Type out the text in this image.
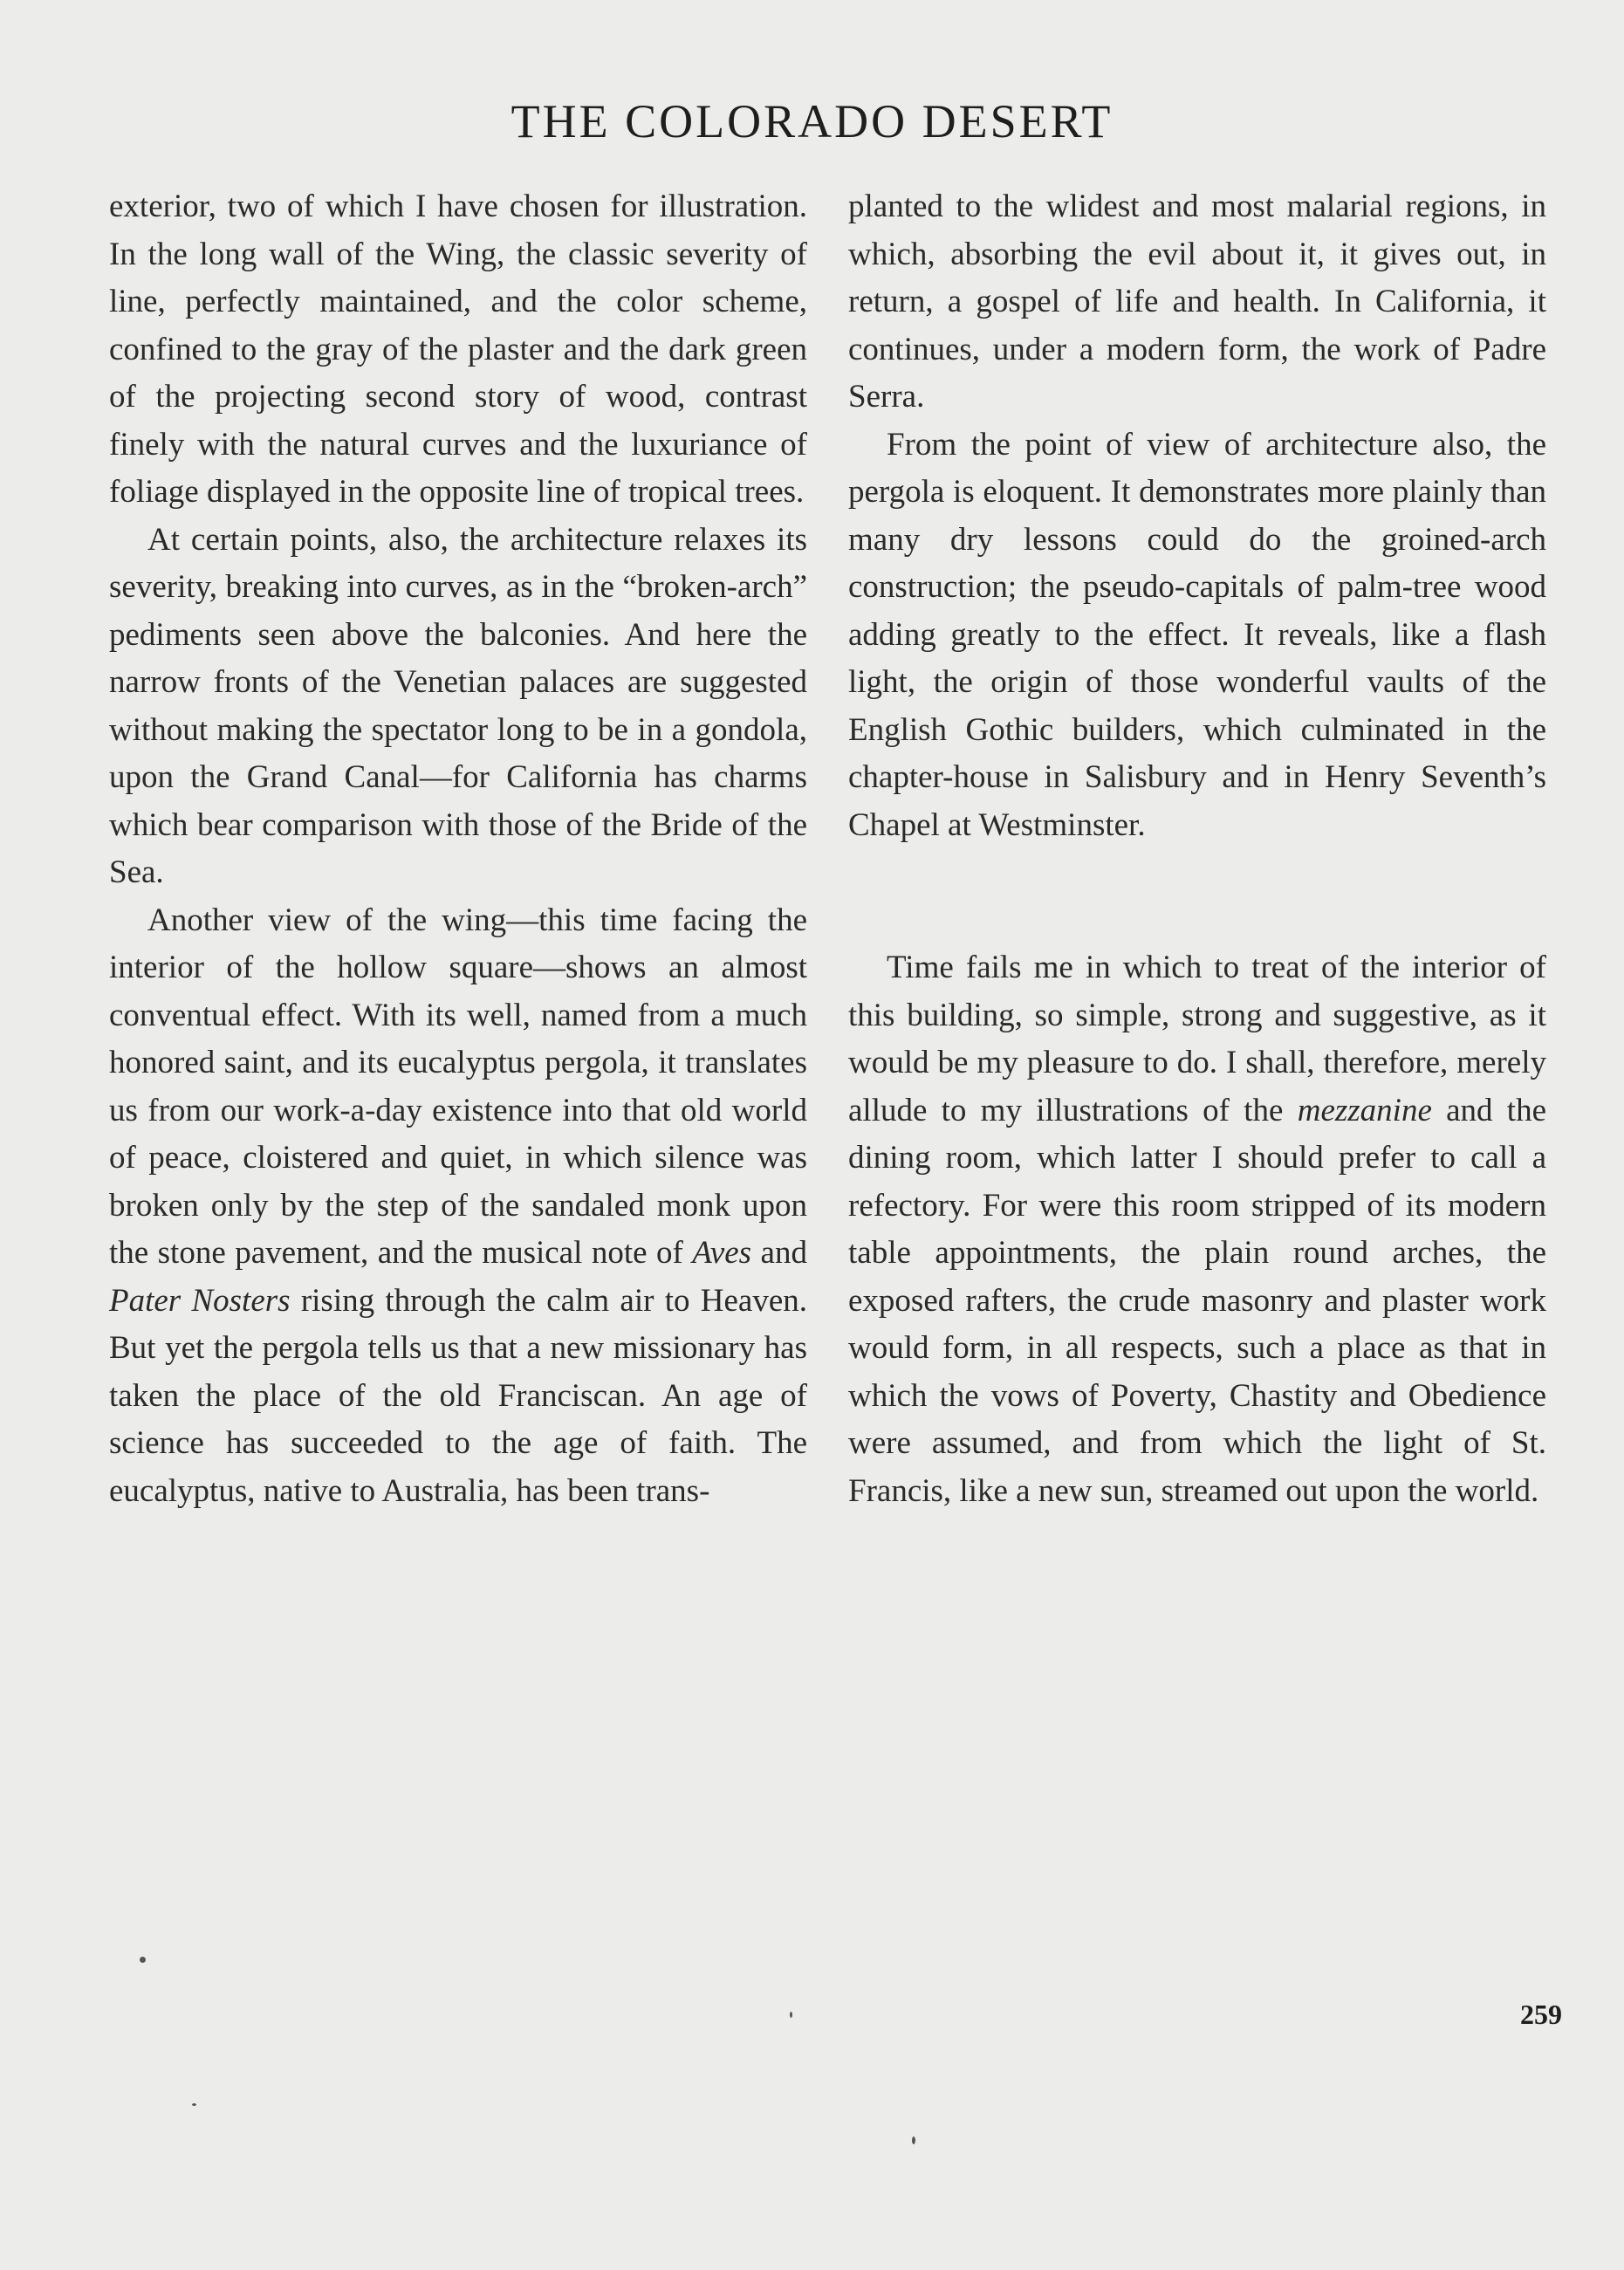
THE COLORADO DESERT

exterior, two of which I have chosen for illustration. In the long wall of the Wing, the classic severity of line, perfectly maintained, and the color scheme, confined to the gray of the plaster and the dark green of the projecting second story of wood, contrast finely with the natural curves and the luxuriance of foliage displayed in the opposite line of tropical trees.

At certain points, also, the architecture relaxes its severity, breaking into curves, as in the “broken-arch” pediments seen above the balconies. And here the narrow fronts of the Venetian palaces are suggested without making the spectator long to be in a gondola, upon the Grand Canal—for California has charms which bear comparison with those of the Bride of the Sea.

Another view of the wing—this time facing the interior of the hollow square—shows an almost conventual effect. With its well, named from a much honored saint, and its eucalyptus pergola, it translates us from our work-a-day existence into that old world of peace, cloistered and quiet, in which silence was broken only by the step of the sandaled monk upon the stone pavement, and the musical note of Aves and Pater Nosters rising through the calm air to Heaven. But yet the pergola tells us that a new missionary has taken the place of the old Franciscan. An age of science has succeeded to the age of faith. The eucalyptus, native to Australia, has been trans-

planted to the wlidest and most malarial regions, in which, absorbing the evil about it, it gives out, in return, a gospel of life and health. In California, it continues, under a modern form, the work of Padre Serra.

From the point of view of architecture also, the pergola is eloquent. It demonstrates more plainly than many dry lessons could do the groined-arch construction; the pseudo-capitals of palm-tree wood adding greatly to the effect. It reveals, like a flash light, the origin of those wonderful vaults of the English Gothic builders, which culminated in the chapter-house in Salisbury and in Henry Seventh’s Chapel at Westminster.

Time fails me in which to treat of the interior of this building, so simple, strong and suggestive, as it would be my pleasure to do. I shall, therefore, merely allude to my illustrations of the mezzanine and the dining room, which latter I should prefer to call a refectory. For were this room stripped of its modern table appointments, the plain round arches, the exposed rafters, the crude masonry and plaster work would form, in all respects, such a place as that in which the vows of Poverty, Chastity and Obedience were assumed, and from which the light of St. Francis, like a new sun, streamed out upon the world.

259
